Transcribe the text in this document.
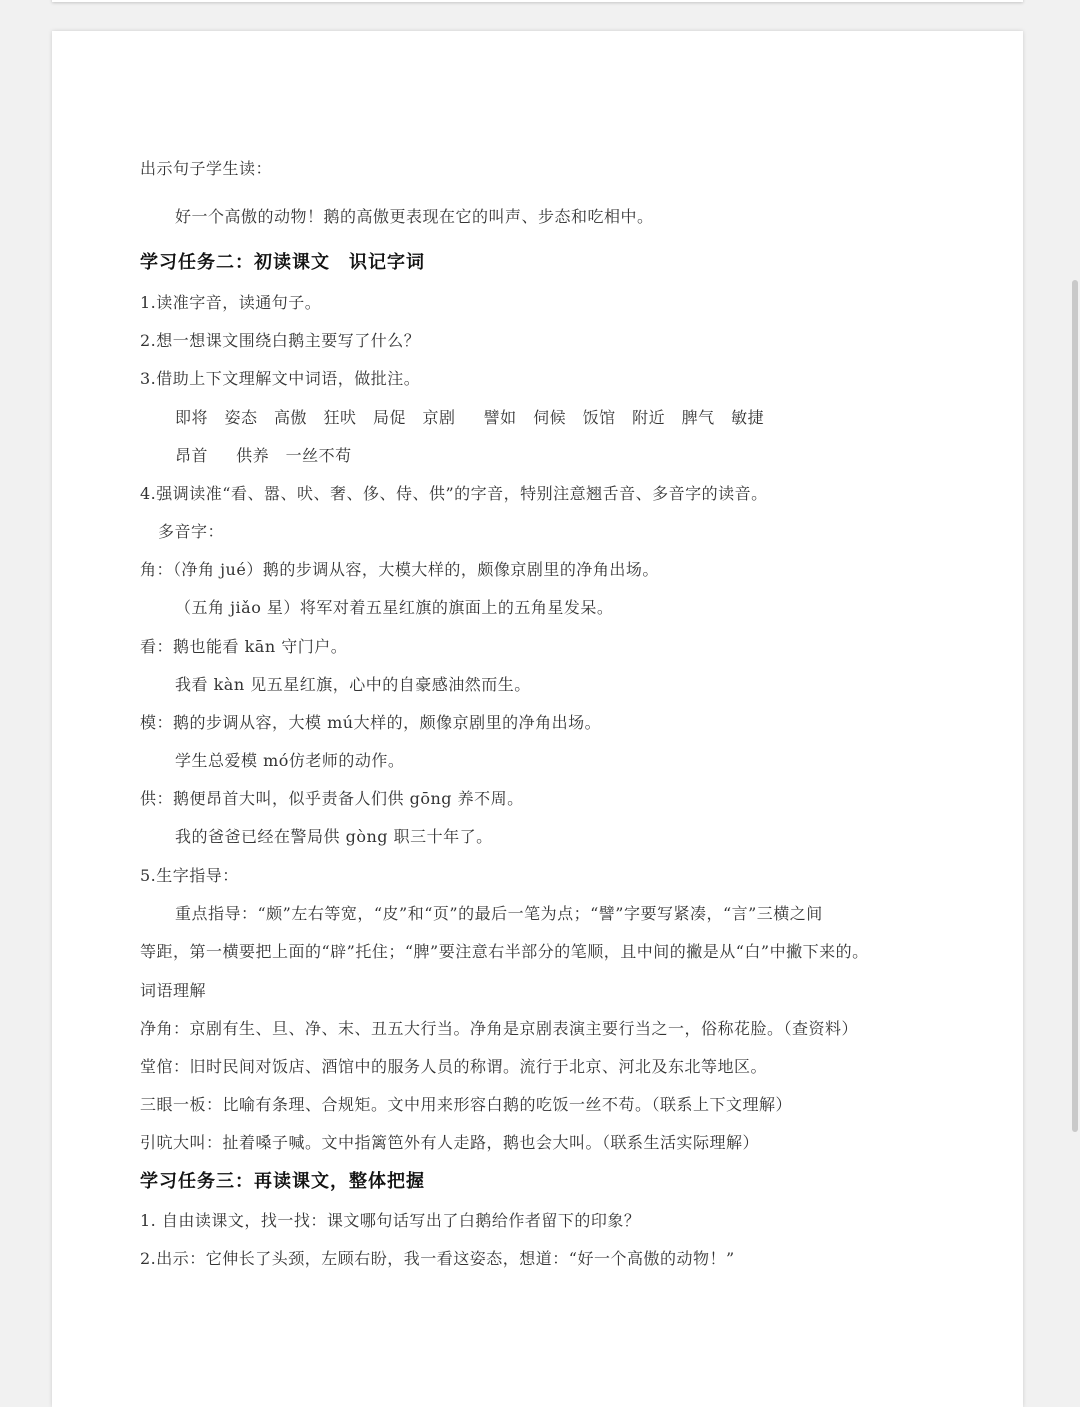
出示句子学生读：
好一个高傲的动物！鹅的高傲更表现在它的叫声、步态和吃相中。
学习任务二：初读课文　识记字词
1.读准字音，读通句子。
2.想一想课文围绕白鹅主要写了什么？
3.借助上下文理解文中词语，做批注。
即将　姿态　高傲　狂吠　局促　京剧　 譬如　伺候　饭馆　附近　脾气　敏捷
昂首　 供养　一丝不苟
4.强调读准“看、嚣、吠、奢、侈、侍、供”的字音，特别注意翘舌音、多音字的读音。
多音字：
角：（净角 jué）鹅的步调从容，大模大样的，颇像京剧里的净角出场。
（五角 jiǎo 星）将军对着五星红旗的旗面上的五角星发呆。
看：鹅也能看 kān 守门户。
我看 kàn 见五星红旗，心中的自豪感油然而生。
模：鹅的步调从容，大模 mú大样的，颇像京剧里的净角出场。
学生总爱模 mó仿老师的动作。
供：鹅便昂首大叫，似乎责备人们供 gōng 养不周。
我的爸爸已经在警局供 gòng 职三十年了。
5.生字指导：
重点指导：“颇”左右等宽，“皮”和“页”的最后一笔为点；“譬”字要写紧凑，“言”三横之间
等距，第一横要把上面的“辟”托住；“脾”要注意右半部分的笔顺，且中间的撇是从“白”中撇下来的。
词语理解
净角：京剧有生、旦、净、末、丑五大行当。净角是京剧表演主要行当之一，俗称花脸。（查资料）
堂倌：旧时民间对饭店、酒馆中的服务人员的称谓。流行于北京、河北及东北等地区。
三眼一板：比喻有条理、合规矩。文中用来形容白鹅的吃饭一丝不苟。（联系上下文理解）
引吭大叫：扯着嗓子喊。文中指篱笆外有人走路，鹅也会大叫。（联系生活实际理解）
学习任务三：再读课文，整体把握
1. 自由读课文，找一找：课文哪句话写出了白鹅给作者留下的印象？
2.出示：它伸长了头颈，左顾右盼，我一看这姿态，想道：“好一个高傲的动物！”
